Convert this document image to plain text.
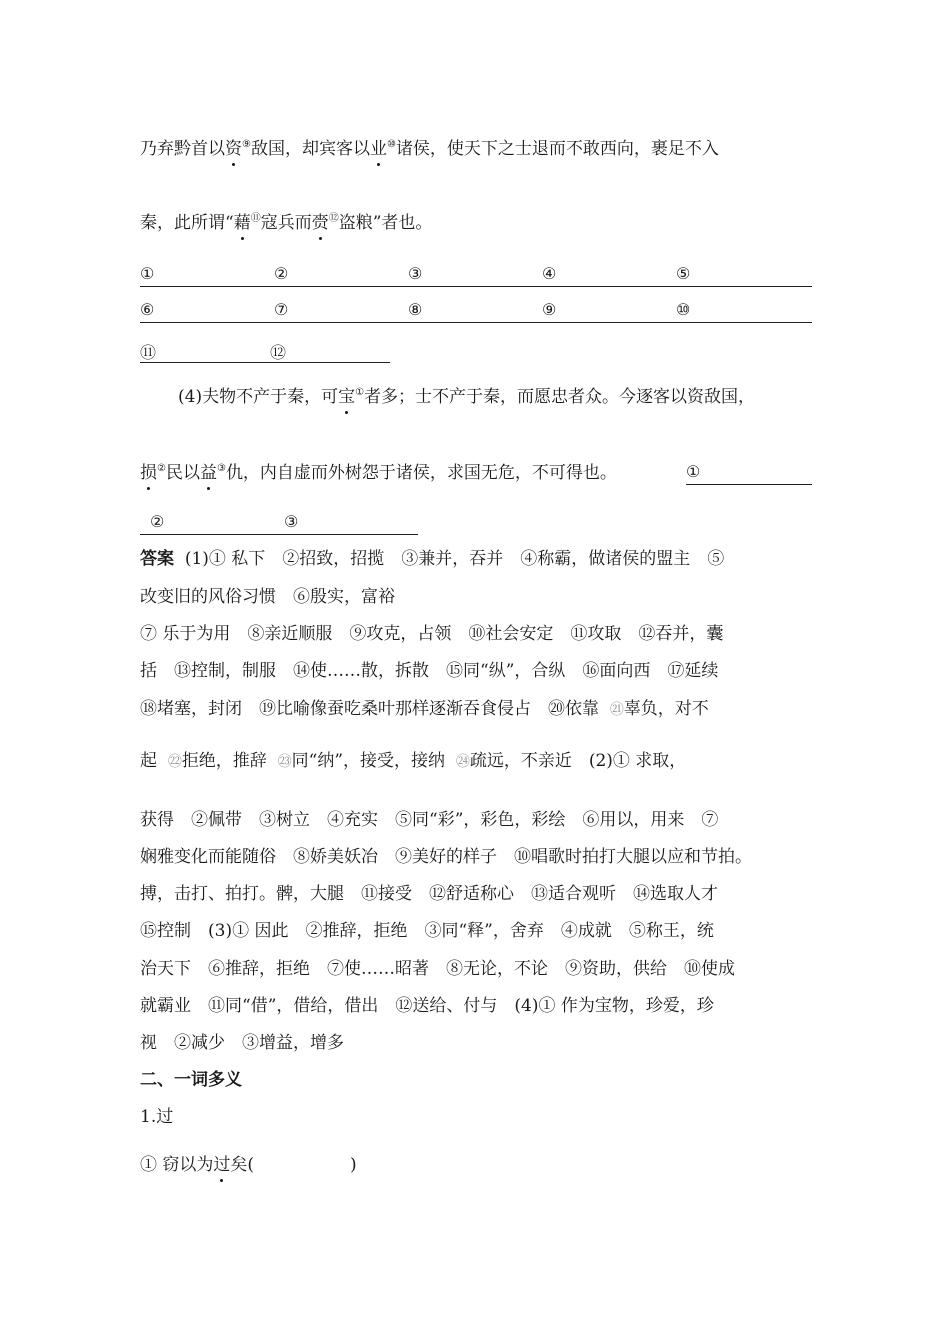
乃弃黔首以资⑨敌国，却宾客以业⑩诸侯，使天下之士退而不敢西向，裹足不入
秦，此所谓“藉⑪寇兵而赍⑫盗粮”者也。
①	②	③	④	⑤
⑥	⑦	⑧	⑨	⑩
⑪	⑫
(4)夫物不产于秦，可宝①者多；士不产于秦，而愿忠者众。今逐客以资敌国，
损②民以益③仇，内自虚而外树怨于诸侯，求国无危，不可得也。	①
②	③
答案 (1)① 私下　②招致，招揽　③兼并，吞并　④称霸，做诸侯的盟主　⑤
改变旧的风俗习惯　⑥殷实，富裕
⑦ 乐于为用　⑧亲近顺服　⑨攻克，占领　⑩社会安定　⑪攻取　⑫吞并，囊
括　⑬控制，制服　⑭使……散，拆散　⑮同“纵”，合纵　⑯面向西　⑰延续
⑱堵塞，封闭　⑲比喻像蚕吃桑叶那样逐渐吞食侵占　⑳依靠 ㉑辜负，对不
起 ㉒拒绝，推辞 ㉓同“纳”，接受，接纳 ㉔疏远，不亲近　(2)① 求取，
获得　②佩带　③树立　④充实　⑤同“彩”，彩色，彩绘　⑥用以，用来　⑦
娴雅变化而能随俗　⑧娇美妖冶　⑨美好的样子　⑩唱歌时拍打大腿以应和节拍。
搏，击打、拍打。髀，大腿　⑪接受　⑫舒适称心　⑬适合观听　⑭选取人才
⑮控制　(3)① 因此　②推辞，拒绝　③同“释”，舍弃　④成就　⑤称王，统
治天下　⑥推辞，拒绝　⑦使……昭著　⑧无论，不论　⑨资助，供给　⑩使成
就霸业　⑪同“借”，借给，借出　⑫送给、付与　(4)① 作为宝物，珍爱，珍
视　②减少　③增益，增多
二、一词多义
1.过
① 窃以为过矣(	)
